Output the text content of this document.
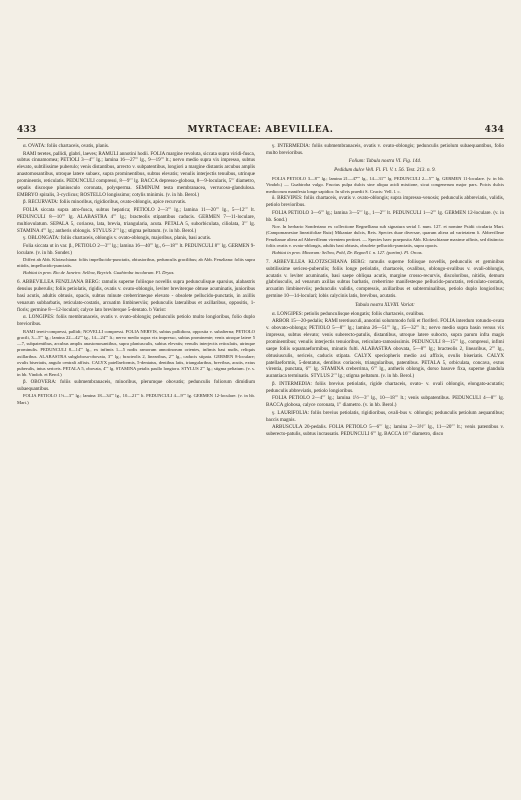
433	MYRTACEAE: ABEVILLEA.	434

α. OVATA: foliis chartaceis, ovatis, planis.

RAMI teretes, pallidi, glabri, laeves; RAMULI annotini hodii. FOLIA margine revoluta, siccata supra viridi-fusca, subtus cinnamomea; PETIOLI 3—4′′′ lg.; lamina 16—27′′′ lg., 9—19′′′ lt.; nervo medio supra vix impresso, subtus elevato, subtilissime puberulo; venis distantibus, arrecto v. subpatentibus, longiori a margine distantis arcubus amplis anastomosantibus, utroque latere subaex, supra prominentibus, subtus elevatis; venulis interjectis tenuibus, utrinque prominentis, reticulatis. PEDUNCULI compressi, 8—9′′′ lg. BACCA depresso-globosa, 8—9-locularis, 5′′′ diametro, sepalis discoque planiusculo coronata, polysperma. SEMINUM testa membranacea, verrucoso-glandulosa. EMBRYO spiralis, 3-cyclicus; ROSTELLO longissimo; cotylis minimis. (v. in hb. Berol.)

β. RECURVATA: foliis minoribus, rigidioribus, ovato-oblongis, apice recurvatis.

FOLIA siccata supra atro-fusca, subtus hepatica; PETIOLO 2—3′′′ lg.; lamina 11—20′′′ lg., 5—12′′′ lt. PEDUNCULI 8—10′′′ lg. ALABASTRA 4′′′ lg.; bracteolis stipantibus caducis. GERMEN 7—11-loculare, multiovulatum. SEPALA 5, coriacea, lata, brevia, triangularia, acuta. PETALA 5, suborbiculata, ciliolata, 3′′′ lg. STAMINA 4′′′ lg.; antheris oblongis. STYLUS 2′′′ lg.; stigma peltatum. (v. in hb. Berol.)

γ. OBLONGATA: foliis chartaceis, oblongis v. ovato-oblongis, majoribus, planis, basi acutis.

Folia siccata ut in var. β., PETIOLO 2—3′′′ lg.; lamina 16—40′′′ lg., 6—18′′′ lt. PEDUNCULI 8′′′ lg. GERMEN 9-loculare. (v. in hb. Sonder.)

Differt ab Abb. Klotzschiana: foliis impellucido-punctatis, obtusioribus, pedunculis gracilibus; ab Abb. Fenzliana: foliis supra nitidis, impellucido-punctatis.

Habitat in prov. Rio de Janeiro: Sellow, Beyrich. Guahiroba incolarum. Fl. Dryas.

6. ABBEVILLEA FENZLIANA BERG: ramulis superne foliisque novellis supra pedunculisque sparsius, alabastris densius puberulis; foliis petiolatis, rigidis, ovatis v. ovato-oblongis, leviter breviterque obtuse acuminatis, junioribus basi acutis, adultis obtusis, opacis, subtus minute creberrimeque elevato - obsolete pellucido-punctatis, in axillis venarum subbarbatis, reticulato-costatis, arcuatim limbinerviis; pedunculis lateralibus et axillaribus, oppositis, 1-floris; germine 8—12-loculari; calyce lato breviterque 5-dentato. b Varist:

α. LONGIPES: foliis membranaceis, ovatis v. ovato-oblongis; pedunculis petiolo multo longioribus, folio duplo brevioribus.

RAMI tereti-compressi, pallidi; NOVELLI compressi. FOLIA NERVIS, subtus pallidiora, opposita v. subalterna; PETIOLO gracili, 3—5′′′ lg.; lamina 22—42′′′ lg., 14—24′′′ lt.; nervo medio supra vix impresso, subtus prominente; venis utroque latere 5—7, subpatentibus, arcubus amplis anastomosantibus, supra planiusculis, subtus elevatis; venulis interjectis reticulatis, utrinque prominulis. PEDUNCULI 8—14′′′ lg., ex infimis 1—5 nodis ramorum annotinorum orientes, infimis basi nudis, reliquis axillaribus. ALABASTRA subglobosa-obovata, 3′′′ lg.; bracteolis 2, linearibus, 2′′′ lg., caducis stipata. GERMEN 8-loculare; ovulis biseriatis, angulo centrali affixis. CALYX patellaeformis, 5-dentatus, dentibus latis, triangularibus, brevibus, acutis, extus puberulis, intus sericeis. PETALA 5, obovata, 4′′′ lg. STAMINA petalis paullo longiora. STYLUS 2′′′ lg.; stigma peltatum. (v. s. in hb. Vindob. et Berol.)

β. OBOVERA: foliis submembranaceis, minoribus, plerumque obovatis; pedunculis foliorum dimidium subaequantibus.

FOLIA PETIOLO 1½—3′′′ lg.; lamina 18—34′′′ lg., 10—21′′′ lt. PEDUNCULI 4—9′′′ lg. GERMEN 12-loculare. (v. in hb. Mart.)

γ. INTERMEDIA: foliis submembranaceis, ovatis v. ovato-oblongis; pedunculis petiolum subaequantibus, folio multo brevioribus.

Folium: Tabula nostra VI. Fig. 144.

Pedidum dulce Vell. Fl. Fl. V. t. 56. Text. 213. n. 9.

FOLIA PETIOLO 3—8′′′ lg.; lamina 21—47′′′ lg., 14—31′′′ lg. PEDUNCULI 2—5′′′ lg. GERMEN 11-loculare. (v. in hb. Vindob.) — Guabiroba vulgo. Fructus pulpa dulcis sine aliqua acidi mixtione, sicut congenerum major pars. Poicis dulcis mediocrum manifesta longe sapidior. In silvis praedii S. Crucis: Vell. l. c.

δ. BREVIPES: foliis chartaceis, ovatis v. ovato-oblongis; supra impresso-venosis; pedunculis abbreviatis, validis, petiolo brevioribus.

FOLIA PETIOLO 3—6′′′ lg.; lamina 3—5′′′ lg., 1—2′′′ lt. PEDUNCULI 1—2′′′ lg. GERMEN 12-loculare. (v. in hb. Sond.)

Nov. In herbario Sonderiano ex collectione Regnelliana sub signatura serial I. num. 127. et nomine Psidii cicularia Mart. (Campomanesiae lineatifoliae Ruiz) Mikaniae dulcis, Reis. Species duae diversae, quarum altera ad varietatem δ. Abbevilleae Fenzlianae altera ad Abbevilleam virentem pertinet. — Species haec praeposita Abb. Klotzschianae maxime affinis, sed distincta: foliis ovatis v. ovato-oblongis, adultis basi obtusis, obsolete pellucido-punctatis, supra opacis.

Habitat in prov. Minarum: Sellow, Pohl, Dr. Regnell l. n. 127. (partim). Fl. Orcas.

7. ABBEVILLEA KLOTZSCHIANA BERG: ramulis superne foliisque novellis, pedunculis et geminibus subtilissime sericeo-puberulis; foliis longe petiolatis, chartaceis, ovalibus, oblongo-ovalibus v. ovali-oblongis, acutatis v. leviter acuminatis, basi saepe obliqua acutis, margine crosso-recurvis, discoloribus, nitidis, demum glabriusculis, ad venarum axillas subtus barbatis, creberrime manifesteque pellucido-punctatis, reticulato-costatis, arcuatim limbinerviis; pedunculis validis, compressis, axillaribus et subterminalibus, petiolo duplo longioribus; germine 10—14-loculari; lobis calycinis latis, brevibus, acutatis.

Tabula nostra XLVIII. Variat:

α. LONGIPES: petiolis pedunculisque elongatis; foliis chartaceis, ovalibus.

ARBOR 15—20-pedalis; RAMI teretiusculi, annotini solummodo folii et floriferi. FOLIA interdum rotundo-ovata v. obovato-oblonga; PETIOLO 5—8′′′ lg.; lamina 26—51′′′ lg., 15—32′′′ lt.; nervo medio supra basin versus vix impresso, subtus elevato; venis suberecto-patulis, distantibus, utroque latere subocto, supra parum infra magis prominentibus; venulis interjectis tenuioribus, reticulato-ramosissimis. PEDUNCULI 8—15′′′ lg., compressi, infimi saepe foliis squamaeformibus, minutis fulti. ALABASTRA obovata, 5—8′′′ lg.; bracteolis 2, linearibus, 2′′′ lg., obtusiusculis, sericeis, caducis stipata. CALYX speciopheris medio axi affixis, ovulis biseriatis. CALYX patellaeformis, 5-dentatus, dentibus coriaceis, triangularibus, patentibus. PETALA 5, orbiculata, concava, extus virentia, punctata, 6′′′ lg. STAMINA creberrima, 6′′′ lg., antheris oblongis, dorso basove fixa, superne glandula aurantiaca terminatis. STYLUS 2′′′ lg.; stigma peltatum. (v. in hb. Berol.)

β. INTERMEDIA: foliis brevius petiolatis, rigide chartaceis, ovato- v. ovali oblongis, elongato-acutatis; pedunculis abbreviatis, petiolo longioribus.

FOLIA PETIOLO 2—4′′′ lg.; lamina 1½—3′′ lg., 10—18′′′ lt.; venis subpatentibus. PEDUNCULI 4—8′′′ lg. BACCA globosa, calyce coronata, 1′′ diametro. (v. in hb. Berol.)

γ. LAURIFOLIA: foliis brevius petiolatis, rigidioribus, ovali-bus v. oblongis; pedunculis petiolum aequantibus; baccis magnis.

ARBUSCULA 20-pedalis. FOLIA PETIOLO 5—6′′′ lg.; lamina 2—3½′′ lg., 11—20′′′ lt.; venis patentibus v. suberecto-patulis, subtus incrassatis. PEDUNCULI 6′′′ lg. BACCA 16′′′ diametro, disco
